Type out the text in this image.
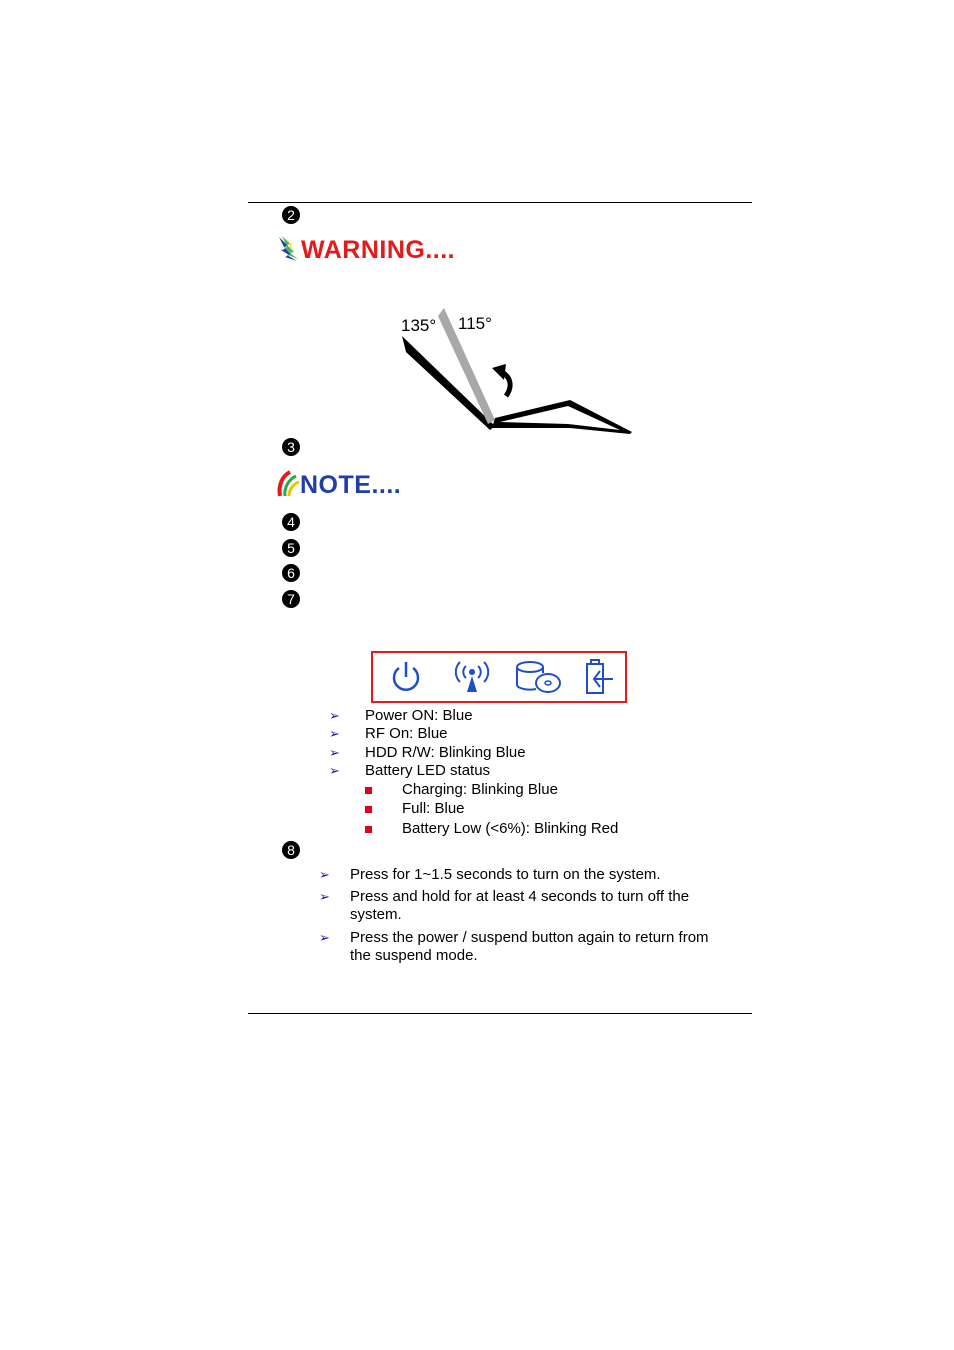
2
WARNING....
135° 115°
3
NOTE....
4
5
6
7
➢ Power ON: Blue
➢ RF On: Blue
➢ HDD R/W: Blinking Blue
➢ Battery LED status
Charging: Blinking Blue
Full: Blue
Battery Low (<6%): Blinking Red
8
➢ Press for 1~1.5 seconds to turn on the system.
➢ Press and hold for at least 4 seconds to turn off the
system.
➢ Press the power / suspend button again to return from
the suspend mode.
